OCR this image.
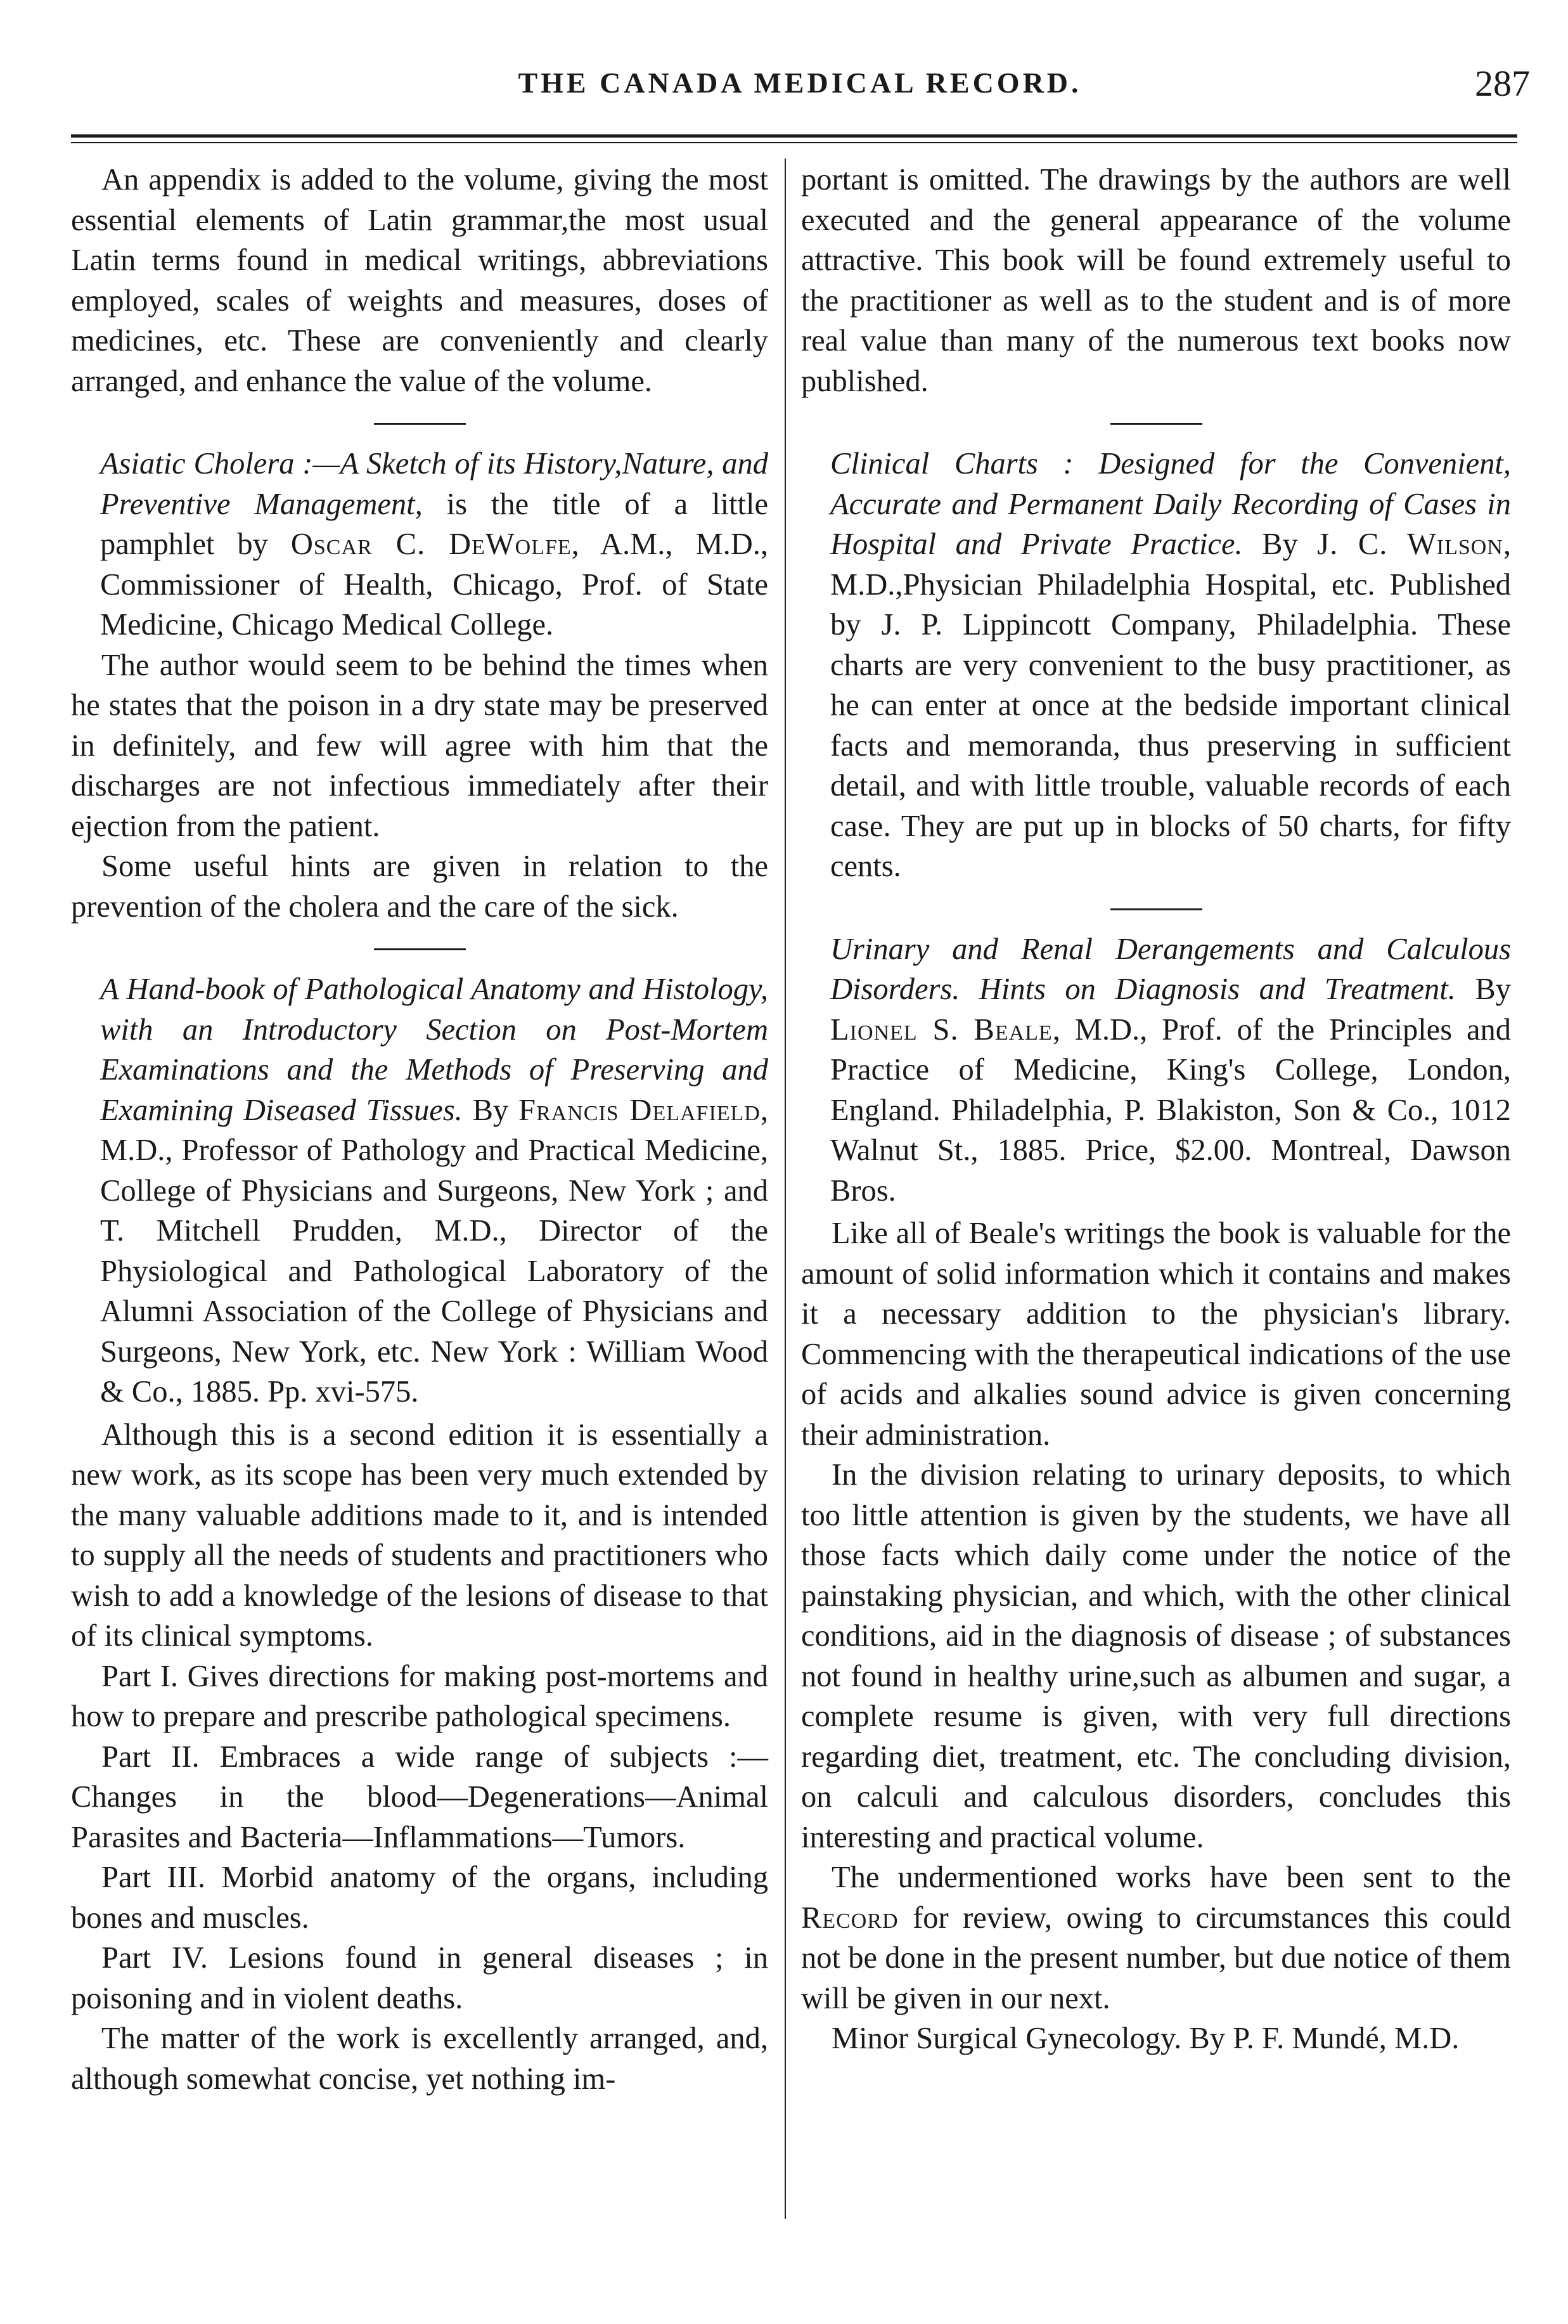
THE CANADA MEDICAL RECORD.	287

An appendix is added to the volume, giving the most essential elements of Latin grammar,the most usual Latin terms found in medical writings, abbreviations employed, scales of weights and measures, doses of medicines, etc. These are conveniently and clearly arranged, and enhance the value of the volume.

Asiatic Cholera :—A Sketch of its History,Nature, and Preventive Management, is the title of a little pamphlet by Oscar C. DeWolfe, A.M., M.D., Commissioner of Health, Chicago, Prof. of State Medicine, Chicago Medical College.

The author would seem to be behind the times when he states that the poison in a dry state may be preserved in definitely, and few will agree with him that the discharges are not infectious immediately after their ejection from the patient.

Some useful hints are given in relation to the prevention of the cholera and the care of the sick.

A Hand-book of Pathological Anatomy and Histology, with an Introductory Section on Post-Mortem Examinations and the Methods of Preserving and Examining Diseased Tissues. By Francis Delafield, M.D., Professor of Pathology and Practical Medicine, College of Physicians and Surgeons, New York ; and T. Mitchell Prudden, M.D., Director of the Physiological and Pathological Laboratory of the Alumni Association of the College of Physicians and Surgeons, New York, etc. New York : William Wood & Co., 1885. Pp. xvi-575.

Although this is a second edition it is essentially a new work, as its scope has been very much extended by the many valuable additions made to it, and is intended to supply all the needs of students and practitioners who wish to add a knowledge of the lesions of disease to that of its clinical symptoms.

Part I. Gives directions for making post-mortems and how to prepare and prescribe pathological specimens.

Part II. Embraces a wide range of subjects :—Changes in the blood—Degenerations—Animal Parasites and Bacteria—Inflammations—Tumors.

Part III. Morbid anatomy of the organs, including bones and muscles.

Part IV. Lesions found in general diseases ; in poisoning and in violent deaths.

The matter of the work is excellently arranged, and, although somewhat concise, yet nothing im-

portant is omitted. The drawings by the authors are well executed and the general appearance of the volume attractive. This book will be found extremely useful to the practitioner as well as to the student and is of more real value than many of the numerous text books now published.

Clinical Charts : Designed for the Convenient, Accurate and Permanent Daily Recording of Cases in Hospital and Private Practice. By J. C. Wilson, M.D.,Physician Philadelphia Hospital, etc. Published by J. P. Lippincott Company, Philadelphia. These charts are very convenient to the busy practitioner, as he can enter at once at the bedside important clinical facts and memoranda, thus preserving in sufficient detail, and with little trouble, valuable records of each case. They are put up in blocks of 50 charts, for fifty cents.

Urinary and Renal Derangements and Calculous Disorders. Hints on Diagnosis and Treatment. By Lionel S. Beale, M.D., Prof. of the Principles and Practice of Medicine, King's College, London, England. Philadelphia, P. Blakiston, Son & Co., 1012 Walnut St., 1885. Price, $2.00. Montreal, Dawson Bros.

Like all of Beale's writings the book is valuable for the amount of solid information which it contains and makes it a necessary addition to the physician's library. Commencing with the therapeutical indications of the use of acids and alkalies sound advice is given concerning their administration.

In the division relating to urinary deposits, to which too little attention is given by the students, we have all those facts which daily come under the notice of the painstaking physician, and which, with the other clinical conditions, aid in the diagnosis of disease ; of substances not found in healthy urine,such as albumen and sugar, a complete resume is given, with very full directions regarding diet, treatment, etc. The concluding division, on calculi and calculous disorders, concludes this interesting and practical volume.

The undermentioned works have been sent to the Record for review, owing to circumstances this could not be done in the present number, but due notice of them will be given in our next.

Minor Surgical Gynecology. By P. F. Mundé, M.D.
